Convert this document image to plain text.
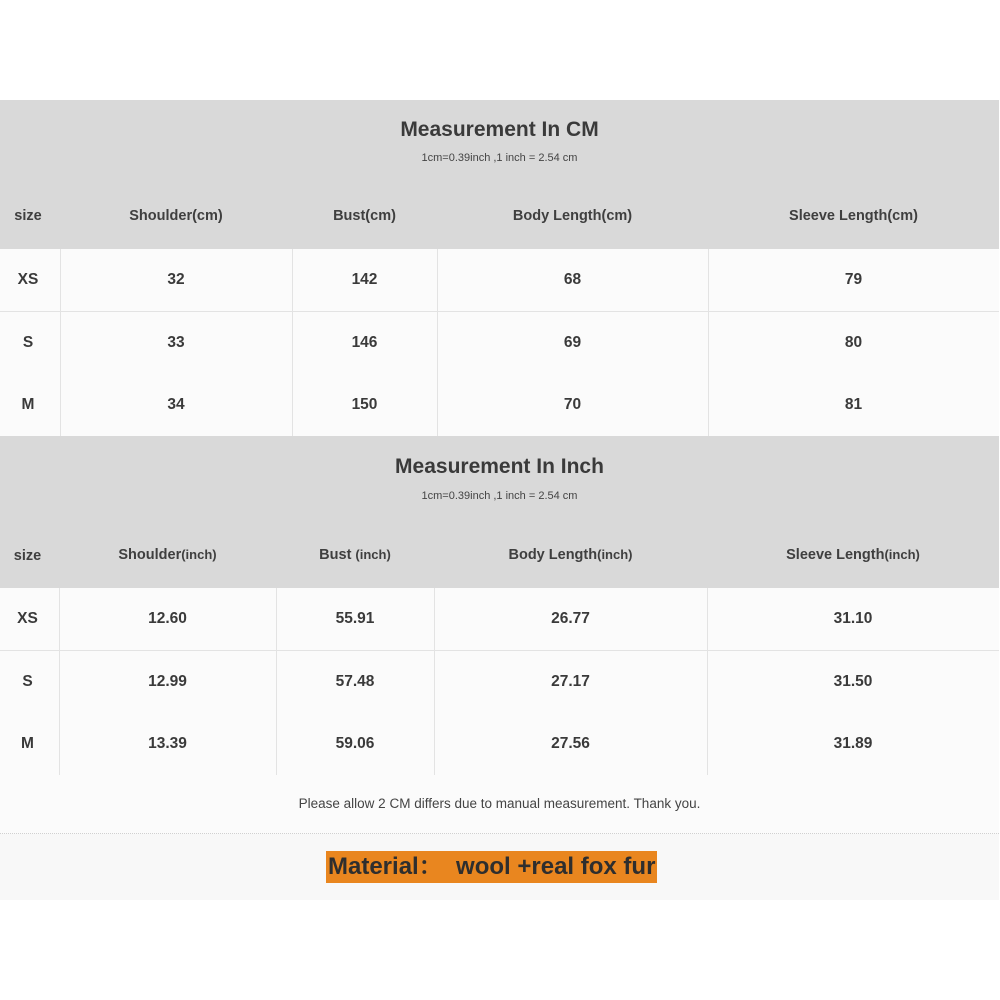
Measurement In CM
1cm=0.39inch ,1 inch = 2.54 cm
size	Shoulder(cm)	Bust(cm)	Body Length(cm)	Sleeve Length(cm)
XS	32	142	68	79
S	33	146	69	80
M	34	150	70	81
Measurement In Inch
1cm=0.39inch ,1 inch = 2.54 cm
size	Shoulder(inch)	Bust (inch)	Body Length(inch)	Sleeve Length(inch)
XS	12.60	55.91	26.77	31.10
S	12.99	57.48	27.17	31.50
M	13.39	59.06	27.56	31.89
Please allow 2 CM differs due to manual measurement. Thank you.
Material：  wool +real fox fur
